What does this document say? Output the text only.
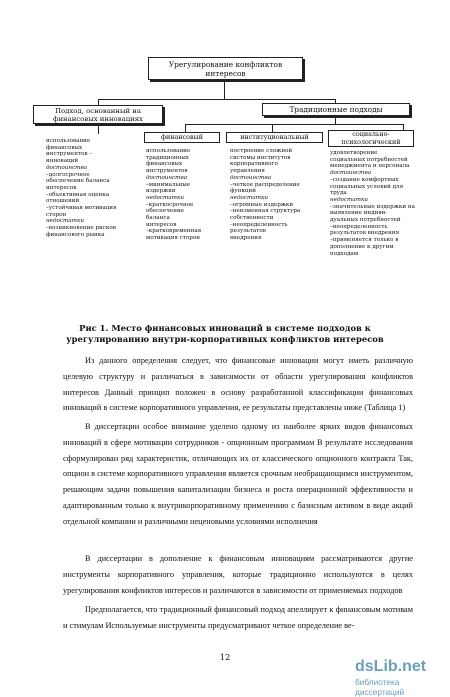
Урегулирование конфликтов интересов
Подход, основанный на финансовых инновациях
Традиционные подходы
финансовый	институциональный	социально-психологический
использование
финансовых
инструментов –
инноваций
достоинства
–долгосрочное
обеспечение баланса
интересов
–объективная оценка
отношений
–устойчивая мотивация
сторон
недостатки
–возникновение рисков
финансового рынка
использование
традиционных
финансовых
инструментов
достоинства
–минимальные
издержки
недостатки
–краткосрочное
обеспечение
баланса
интересов
–кратковременная
мотивация сторон
построение сложной
системы институтов
корпоративного
управления
достоинства
–четкое распределение
функций
недостатки
–огромные издержки
–неизменная структура
собственности
–неопределенность
результатов
внедрения
удовлетворение
социальных потребностей
менеджмента и персонала
достоинства
–создание комфортных
социальных условий для
труда
недостатки
–значительные издержки на
выявление индиви-
дуальных потребностей
–неопределенность
результатов внедрения
–применяется только в
дополнение к другим
подходам
Рис 1. Место финансовых инноваций в системе подходов к урегулированию внутри-корпоративных конфликтов интересов
Из данного определения следует, что финансовые инновации могут иметь различную целевую структуру и различаться в зависимости от области урегулирования конфликтов интересов Данный принцип положен в основу разработанной классификации финансовых инноваций в системе корпоративного управления, ее результаты представлены ниже (Таблица 1)
В диссертации особое внимание уделено одному из наиболее ярких видов финансовых инноваций в сфере мотивации сотрудников - опционным программам В результате исследования сформулирован ряд характеристик, отличающих их от классического опционного контракта Так, опцион в системе корпоративного управления является срочным необращающимся инструментом, решающим задачи повышения капитализации бизнеса и роста операционной эффективности и адаптированным только к внутрикорпоративному применению с базисным активом в виде акций отдельной компании и различными неценовыми условиями исполнения
В диссертации в дополнение к финансовым инновациям рассматриваются другие инструменты корпоративного управления, которые традиционно используются в целях урегулирования конфликтов интересов и различаются в зависимости от применяемых подходов
Предполагается, что традиционный финансовый подход апеллирует к финансовым мотивам и стимулам Используемые инструменты предусматривают четкое определение ве-
12	dsLib.net
библиотека диссертаций
